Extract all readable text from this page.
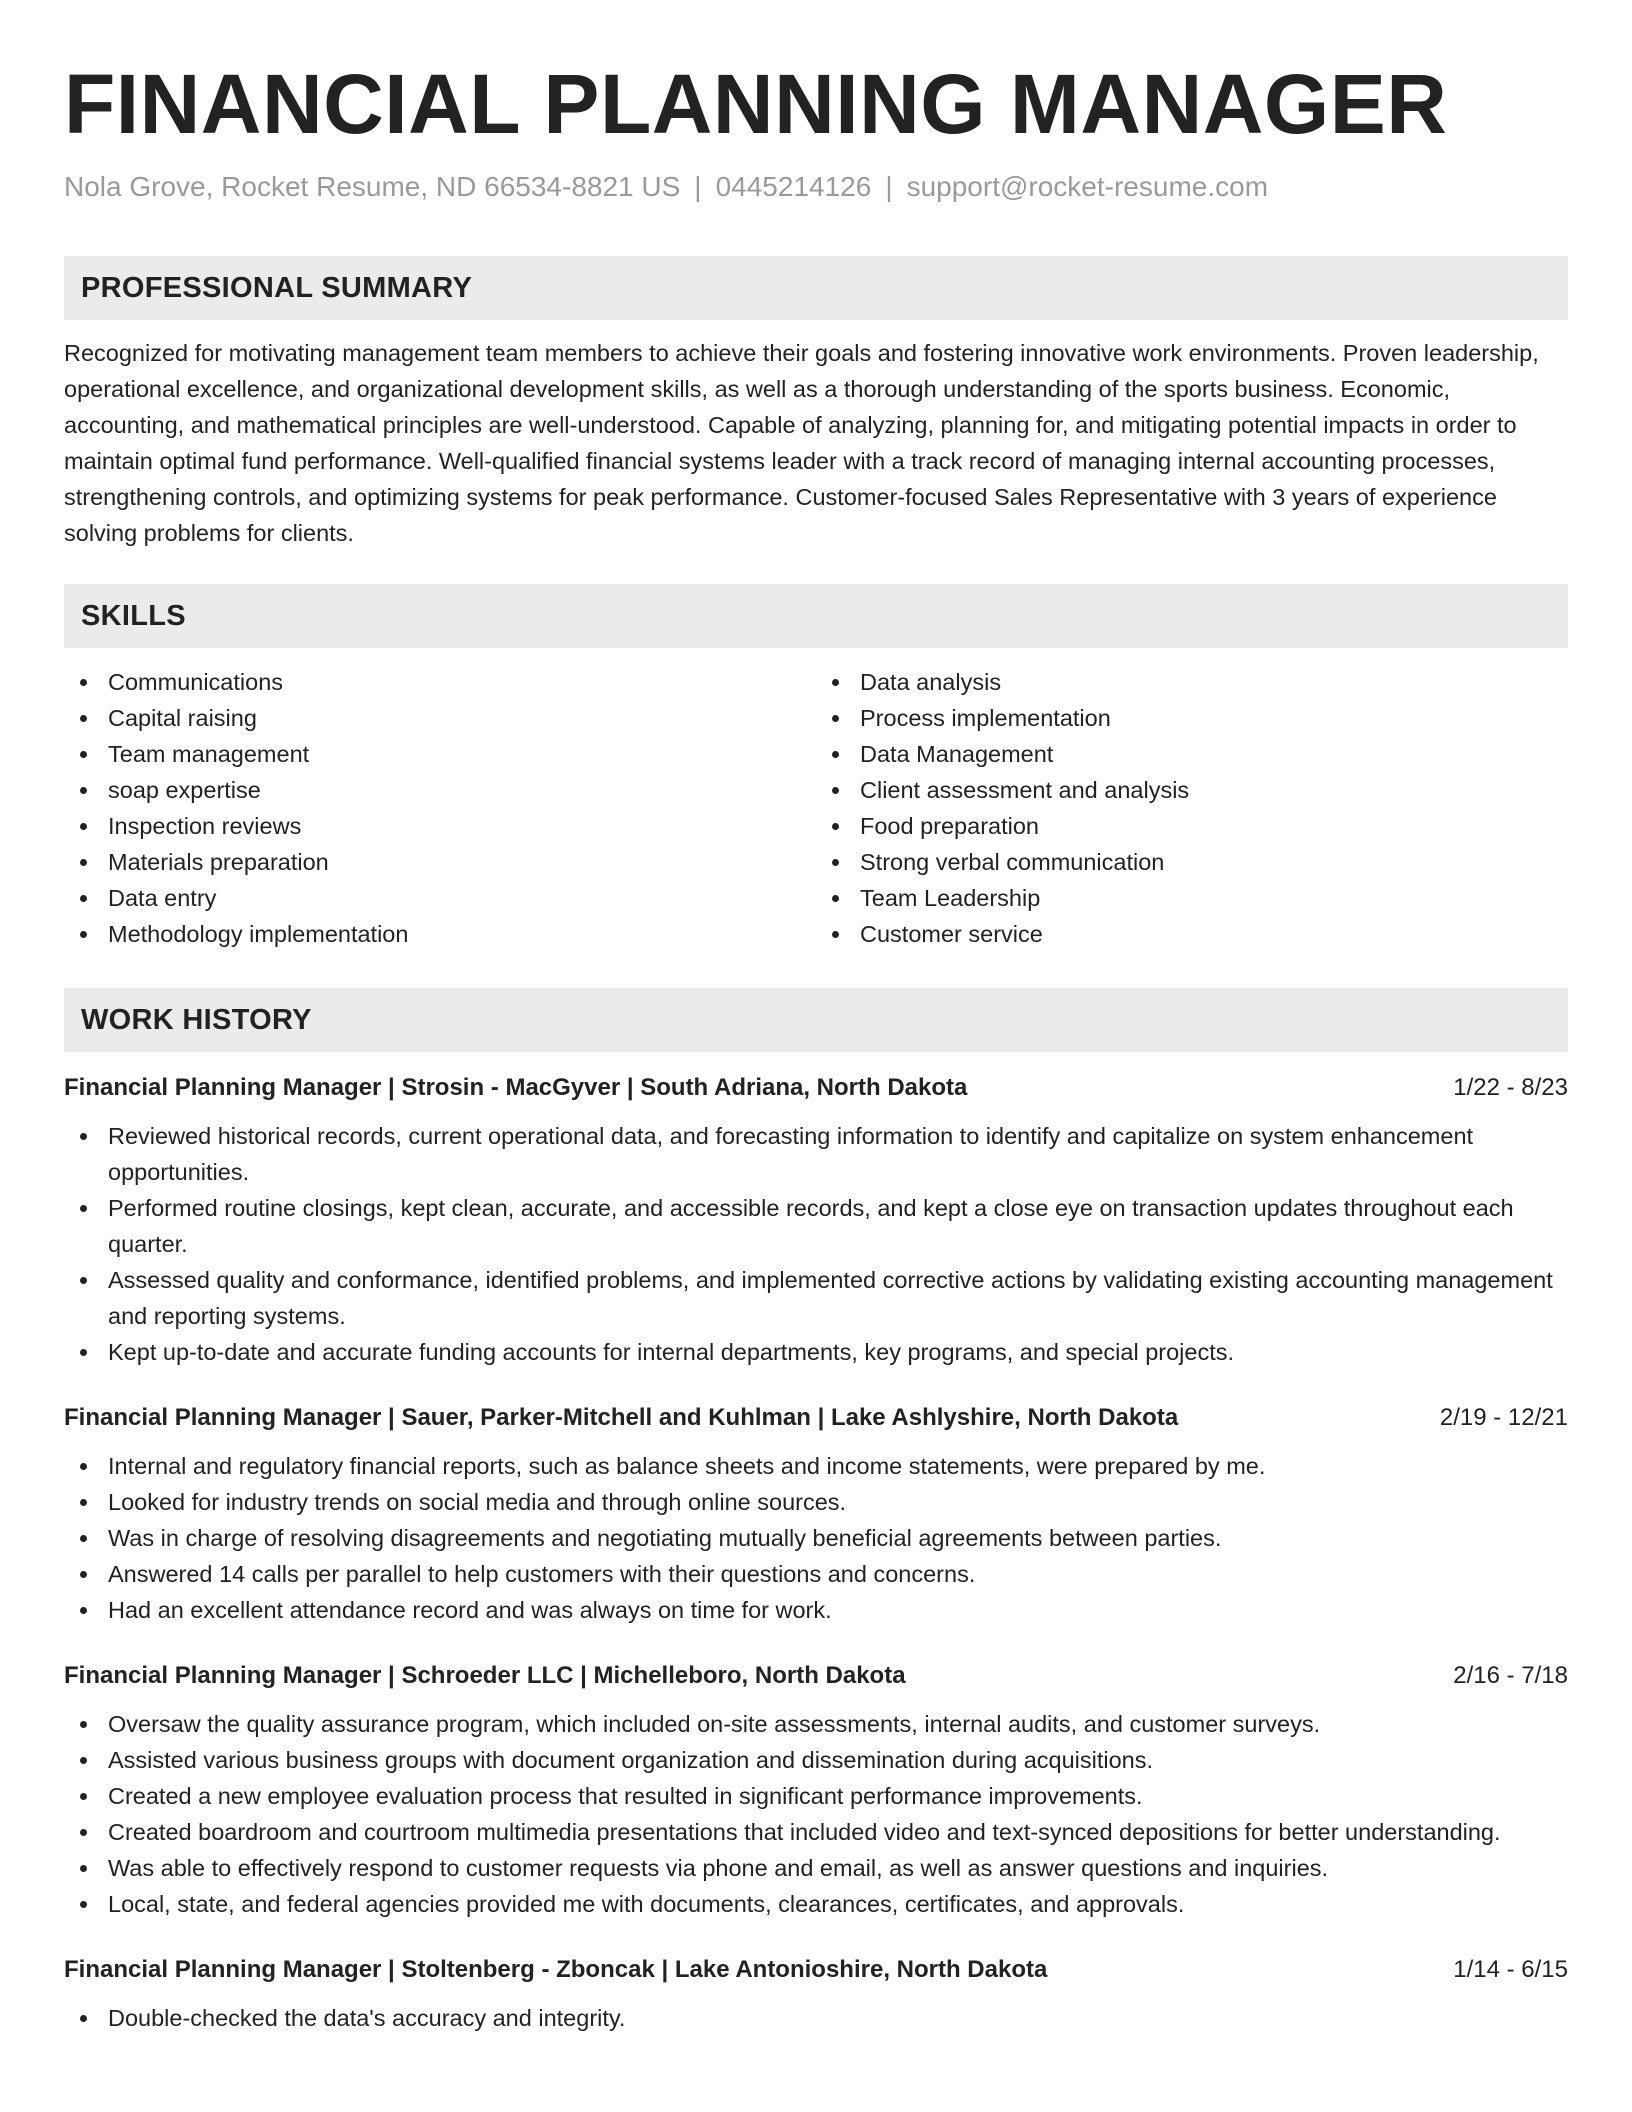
FINANCIAL PLANNING MANAGER
Nola Grove, Rocket Resume, ND 66534-8821 US | 0445214126 | support@rocket-resume.com
PROFESSIONAL SUMMARY

Recognized for motivating management team members to achieve their goals and fostering innovative work environments. Proven leadership, operational excellence, and organizational development skills, as well as a thorough understanding of the sports business. Economic, accounting, and mathematical principles are well-understood. Capable of analyzing, planning for, and mitigating potential impacts in order to maintain optimal fund performance. Well-qualified financial systems leader with a track record of managing internal accounting processes, strengthening controls, and optimizing systems for peak performance. Customer-focused Sales Representative with 3 years of experience solving problems for clients.

SKILLS
Communications
Capital raising
Team management
soap expertise
Inspection reviews
Materials preparation
Data entry
Methodology implementation
Data analysis
Process implementation
Data Management
Client assessment and analysis
Food preparation
Strong verbal communication
Team Leadership
Customer service
WORK HISTORY
Financial Planning Manager | Strosin - MacGyver | South Adriana, North Dakota	1/22 - 8/23
Reviewed historical records, current operational data, and forecasting information to identify and capitalize on system enhancement opportunities.
Performed routine closings, kept clean, accurate, and accessible records, and kept a close eye on transaction updates throughout each quarter.
Assessed quality and conformance, identified problems, and implemented corrective actions by validating existing accounting management and reporting systems.
Kept up-to-date and accurate funding accounts for internal departments, key programs, and special projects.
Financial Planning Manager | Sauer, Parker-Mitchell and Kuhlman | Lake Ashlyshire, North Dakota	2/19 - 12/21
Internal and regulatory financial reports, such as balance sheets and income statements, were prepared by me.
Looked for industry trends on social media and through online sources.
Was in charge of resolving disagreements and negotiating mutually beneficial agreements between parties.
Answered 14 calls per parallel to help customers with their questions and concerns.
Had an excellent attendance record and was always on time for work.
Financial Planning Manager | Schroeder LLC | Michelleboro, North Dakota	2/16 - 7/18
Oversaw the quality assurance program, which included on-site assessments, internal audits, and customer surveys.
Assisted various business groups with document organization and dissemination during acquisitions.
Created a new employee evaluation process that resulted in significant performance improvements.
Created boardroom and courtroom multimedia presentations that included video and text-synced depositions for better understanding.
Was able to effectively respond to customer requests via phone and email, as well as answer questions and inquiries.
Local, state, and federal agencies provided me with documents, clearances, certificates, and approvals.
Financial Planning Manager | Stoltenberg - Zboncak | Lake Antonioshire, North Dakota	1/14 - 6/15
Double-checked the data's accuracy and integrity.
